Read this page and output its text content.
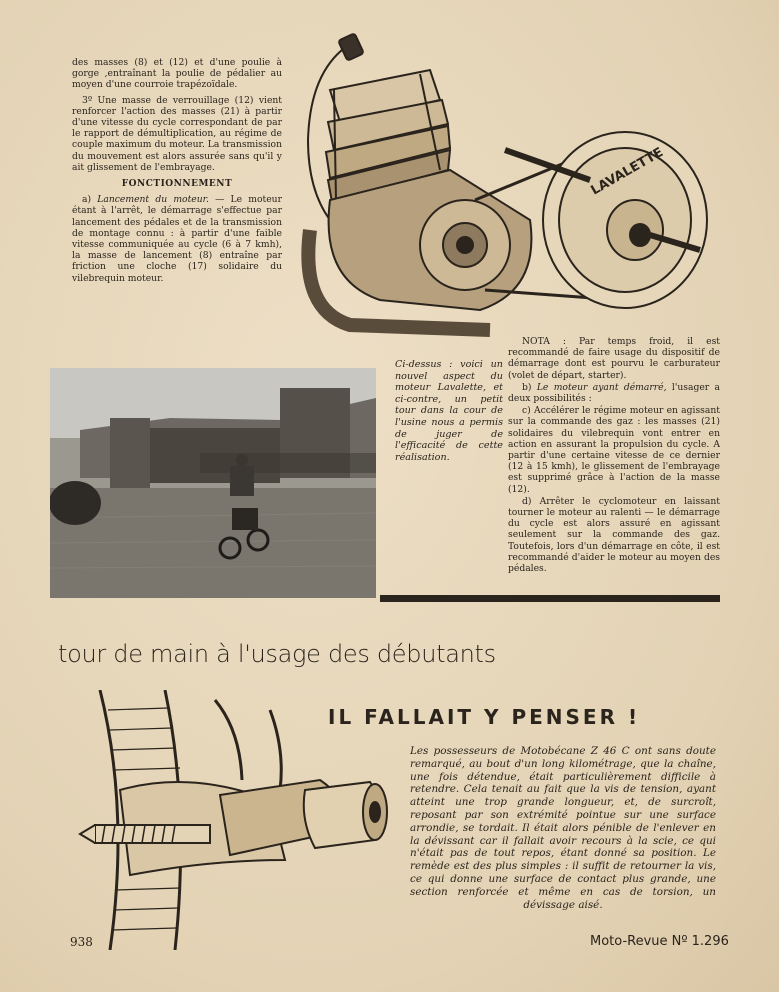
des masses (8) et (12) et d'une poulie à gorge ,entraînant la poulie de pédalier au moyen d'une courroie trapézoïdale.

3º Une masse de verrouillage (12) vient renforcer l'action des masses (21) à partir d'une vitesse du cycle correspondant de par le rapport de démultiplication, au régime de couple maximum du moteur. La transmission du mouvement est alors assurée sans qu'il y ait glissement de l'embrayage.

FONCTIONNEMENT

a) Lancement du moteur. — Le moteur étant à l'arrêt, le démarrage s'effectue par lancement des pédales et de la transmission de montage connu : à partir d'une faible vitesse communiquée au cycle (6 à 7 kmh), la masse de lancement (8) entraîne par friction une cloche (17) solidaire du vilebrequin moteur.

LAVALETTE
Ci-dessus : voici un nouvel aspect du moteur Lavalette, et ci-contre, un petit tour dans la cour de l'usine nous a permis de juger de l'efficacité de cette réalisation.

NOTA : Par temps froid, il est recommandé de faire usage du dispositif de démarrage dont est pourvu le carburateur (volet de départ, starter).

b) Le moteur ayant démarré, l'usager a deux possibilités :

c) Accélérer le régime moteur en agissant sur la commande des gaz : les masses (21) solidaires du vilebrequin vont entrer en action en assurant la propulsion du cycle. A partir d'une certaine vitesse de ce dernier (12 à 15 kmh), le glissement de l'embrayage est supprimé grâce à l'action de la masse (12).

d) Arrêter le cyclomoteur en laissant tourner le moteur au ralenti — le démarrage du cycle est alors assuré en agissant seulement sur la commande des gaz. Toutefois, lors d'un démarrage en côte, il est recommandé d'aider le moteur au moyen des pédales.

tour de main à l'usage des débutants
IL FALLAIT Y PENSER !
Les possesseurs de Motobécane Z 46 C ont sans doute remarqué, au bout d'un long kilométrage, que la chaîne, une fois détendue, était particulièrement difficile à retendre. Cela tenait au fait que la vis de tension, ayant atteint une trop grande longueur, et, de surcroît, reposant par son extrémité pointue sur une surface arrondie, se tordait. Il était alors pénible de l'enlever en la dévissant car il fallait avoir recours à la scie, ce qui n'était pas de tout repos, étant donné sa position. Le remède est des plus simples : il suffit de retourner la vis, ce qui donne une surface de contact plus grande, une section renforcée et même en cas de torsion, un dévissage aisé.
938	Moto-Revue Nº 1.296
